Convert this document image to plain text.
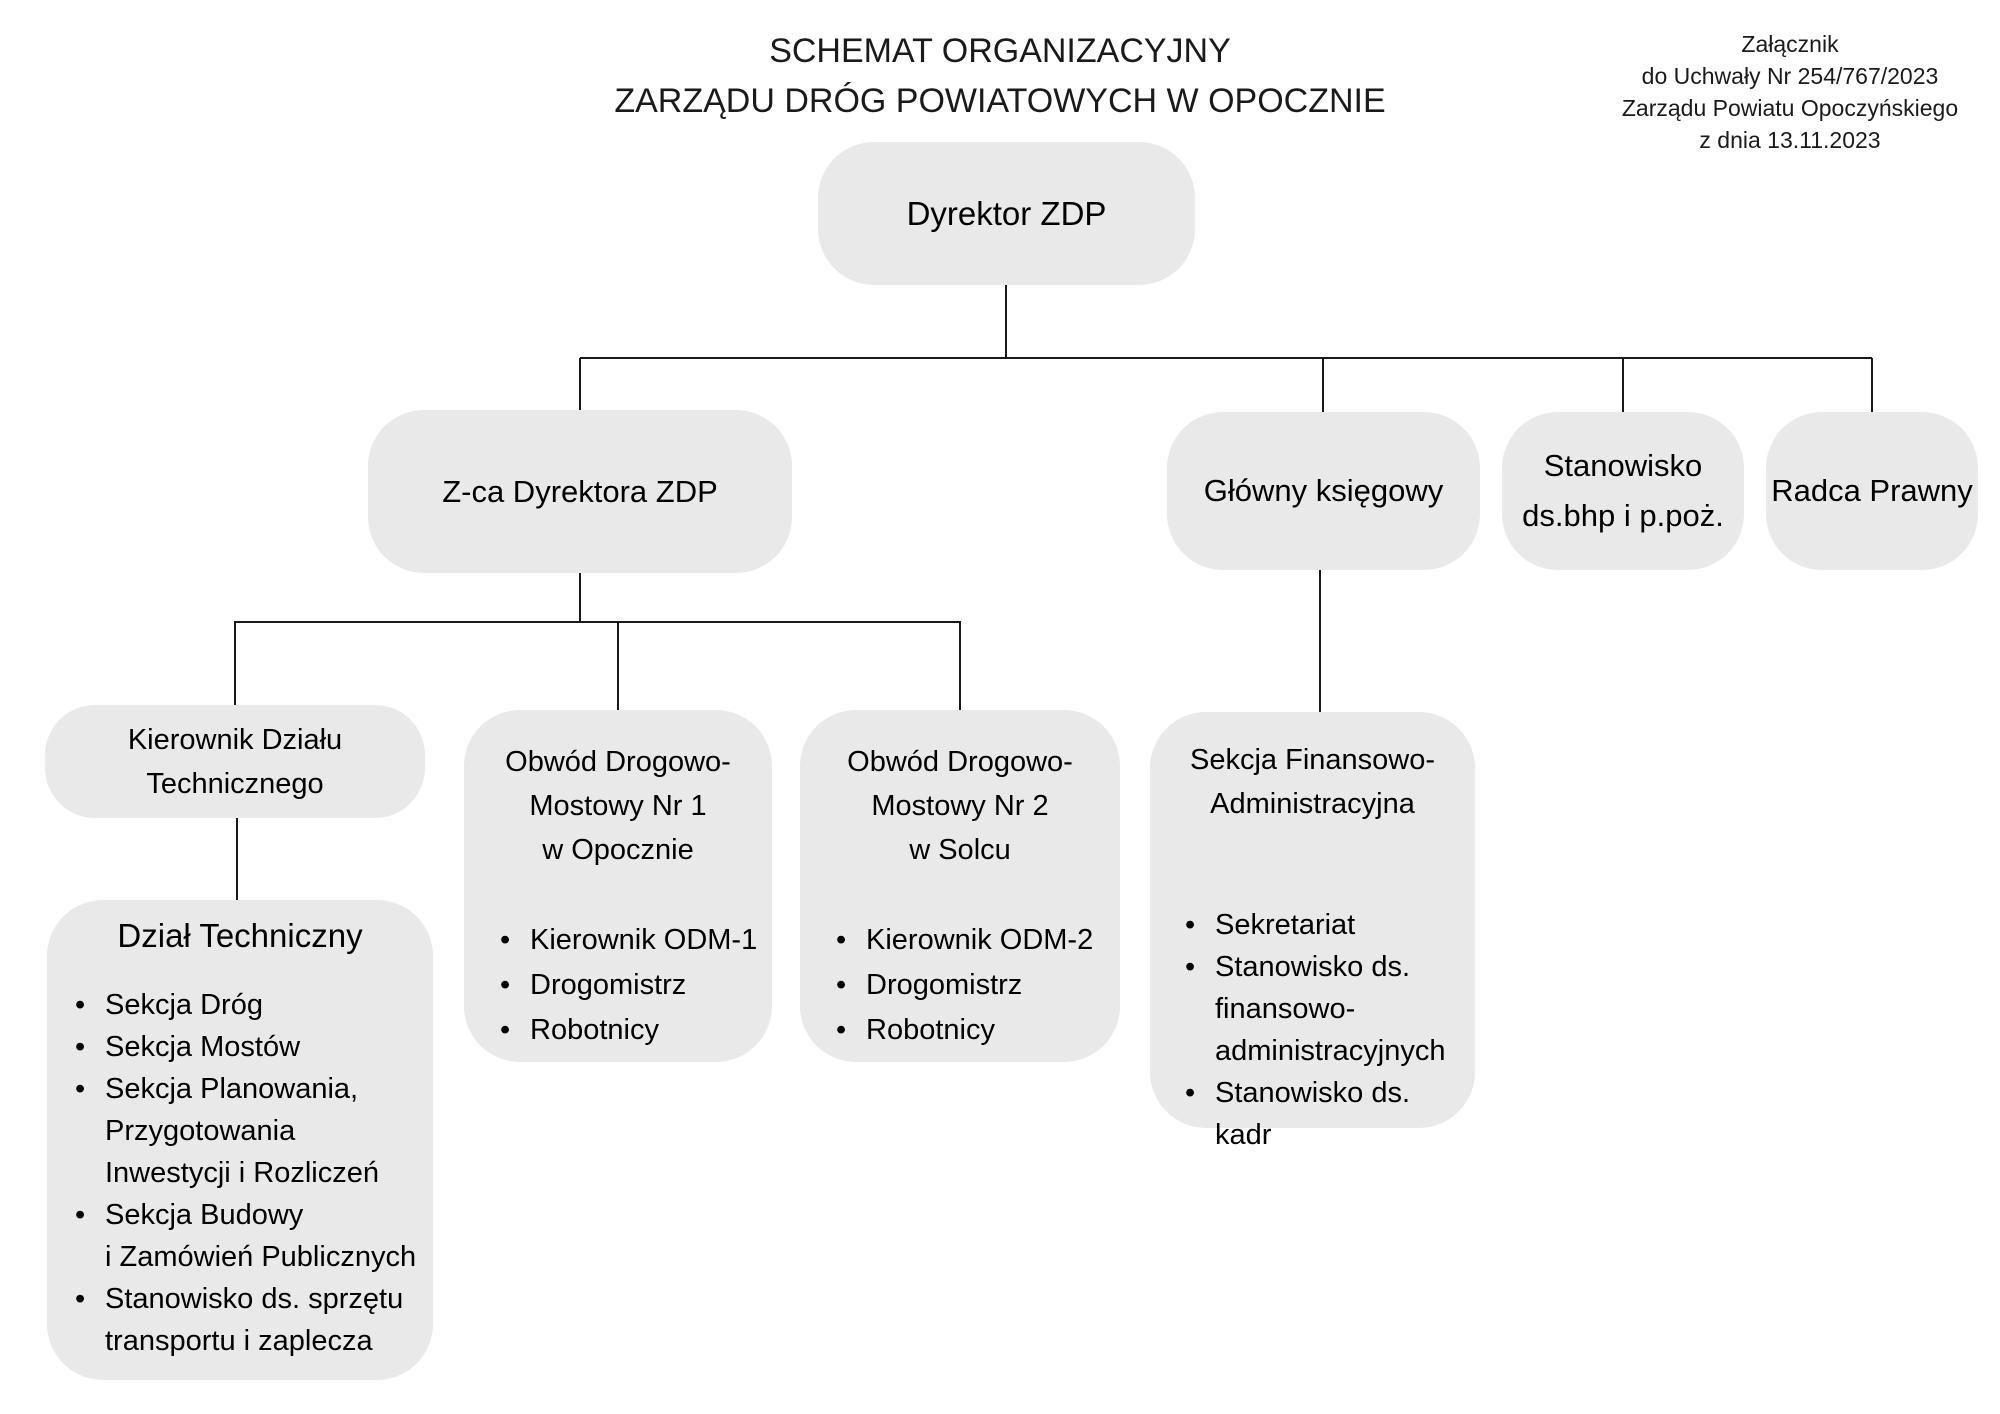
SCHEMAT ORGANIZACYJNY
ZARZĄDU DRÓG POWIATOWYCH W OPOCZNIE
Załącznik
do Uchwały Nr 254/767/2023
Zarządu Powiatu Opoczyńskiego
z dnia 13.11.2023
Dyrektor ZDP
Z-ca Dyrektora ZDP	Główny księgowy
Stanowisko
ds.bhp i p.poż.
Radca Prawny
Kierownik Działu
Technicznego
Obwód Drogowo-
Mostowy Nr 1
w Opocznie
• Kierownik ODM-1
• Drogomistrz
• Robotnicy
Obwód Drogowo-
Mostowy Nr 2
w Solcu
• Kierownik ODM-2
• Drogomistrz
• Robotnicy
Sekcja Finansowo-
Administracyjna
• Sekretariat
• Stanowisko ds.
finansowo-
administracyjnych
• Stanowisko ds. kadr
Dział Techniczny
• Sekcja Dróg
• Sekcja Mostów
• Sekcja Planowania,
Przygotowania
Inwestycji i Rozliczeń
• Sekcja Budowy
i Zamówień Publicznych
• Stanowisko ds. sprzętu
transportu i zaplecza
